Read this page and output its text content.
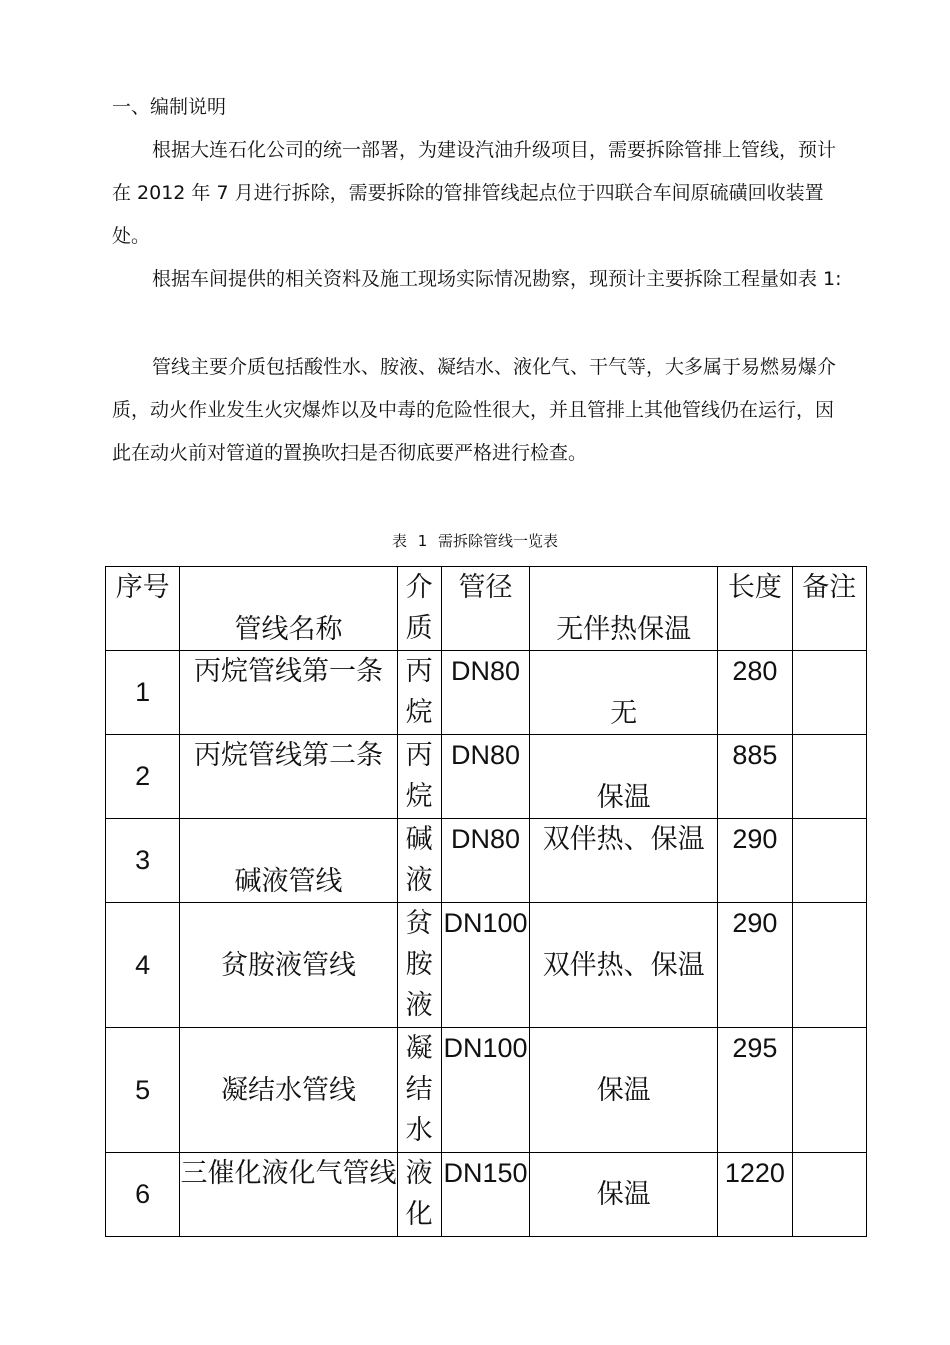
一、编制说明
根据大连石化公司的统一部署，为建设汽油升级项目，需要拆除管排上管线，预计在 2012 年 7 月进行拆除，需要拆除的管排管线起点位于四联合车间原硫磺回收装置处。
根据车间提供的相关资料及施工现场实际情况勘察，现预计主要拆除工程量如表 1:
管线主要介质包括酸性水、胺液、凝结水、液化气、干气等，大多属于易燃易爆介质，动火作业发生火灾爆炸以及中毒的危险性很大，并且管排上其他管线仍在运行，因此在动火前对管道的置换吹扫是否彻底要严格进行检查。
表 1 需拆除管线一览表
序号	管线名称	介质	管径	无伴热保温	长度	备注
1	丙烷管线第一条	丙烷	DN80	无	280	
2	丙烷管线第二条	丙烷	DN80	保温	885	
3	碱液管线	碱液	DN80	双伴热、保温	290	
4	贫胺液管线	贫胺液	DN100	双伴热、保温	290	
5	凝结水管线	凝结水	DN100	保温	295	
6	三催化液化气管线	液化	DN150	保温	1220	
